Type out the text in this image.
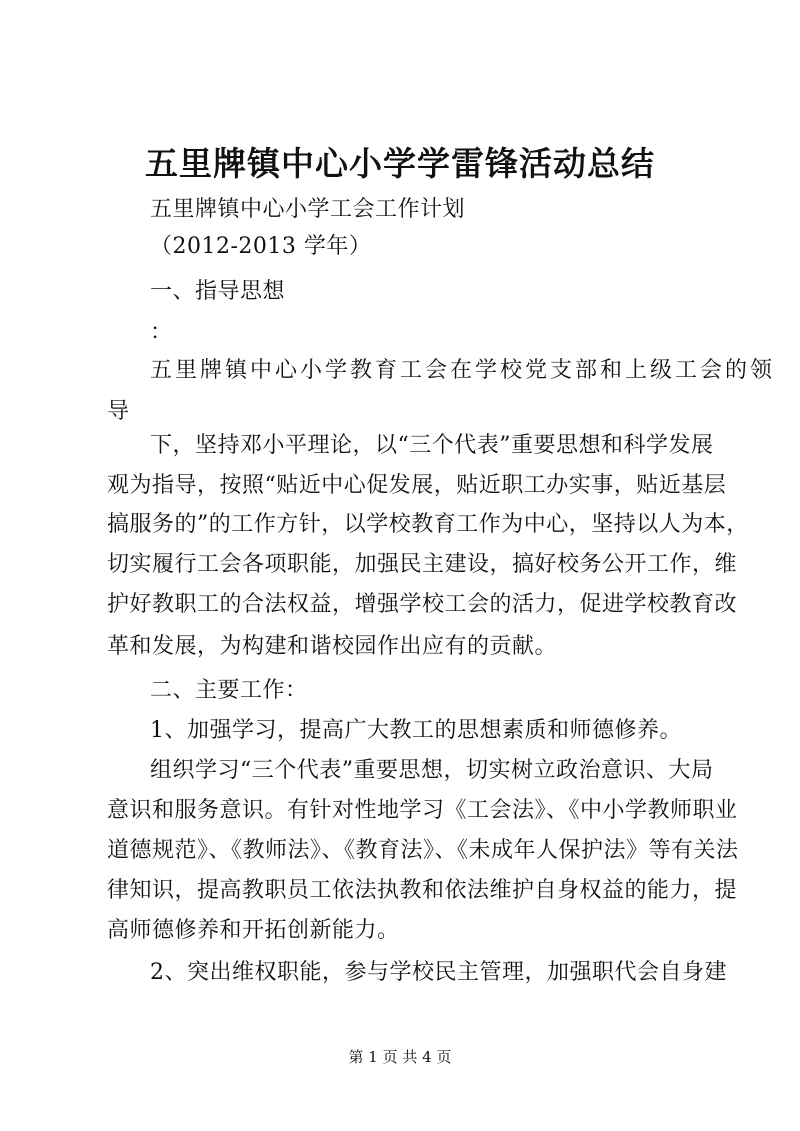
五里牌镇中心小学学雷锋活动总结
五里牌镇中心小学工会工作计划
（2012-2013 学年）
一、指导思想
：
五里牌镇中心小学教育工会在学校党支部和上级工会的领
导
下，坚持邓小平理论，以“三个代表”重要思想和科学发展
观为指导，按照“贴近中心促发展，贴近职工办实事，贴近基层
搞服务的”的工作方针，以学校教育工作为中心，坚持以人为本，
切实履行工会各项职能，加强民主建设，搞好校务公开工作，维
护好教职工的合法权益，增强学校工会的活力，促进学校教育改
革和发展，为构建和谐校园作出应有的贡献。
二、主要工作：
1、加强学习，提高广大教工的思想素质和师德修养。
组织学习“三个代表”重要思想，切实树立政治意识、大局
意识和服务意识。有针对性地学习《工会法》、《中小学教师职业
道德规范》、《教师法》、《教育法》、《未成年人保护法》等有关法
律知识，提高教职员工依法执教和依法维护自身权益的能力，提
高师德修养和开拓创新能力。
2、突出维权职能，参与学校民主管理，加强职代会自身建
第 1 页 共 4 页
